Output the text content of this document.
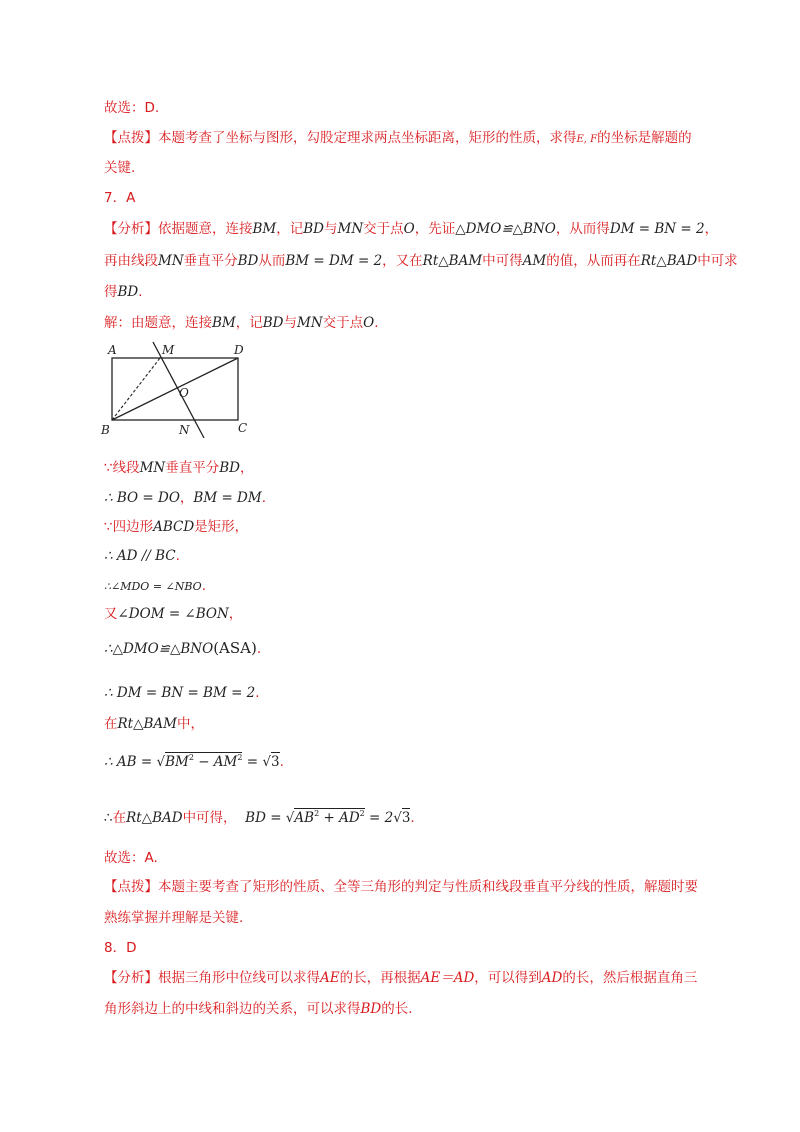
故选：D.
【点拨】本题考查了坐标与图形，勾股定理求两点坐标距离，矩形的性质，求得E, F的坐标是解题的
关键.
7．A
【分析】依据题意，连接BM，记BD与MN交于点O，先证△DMO≌△BNO，从而得DM = BN = 2，
再由线段MN垂直平分BD从而BM = DM = 2，又在Rt△BAM中可得AM的值，从而再在Rt△BAD中可求
得BD.
解：由题意，连接BM，记BD与MN交于点O.
A	M	D
O
B	N	C
∵线段MN垂直平分BD，
∴ BO = DO，BM = DM.
∵四边形ABCD是矩形，
∴ AD // BC.
∴∠MDO = ∠NBO.
又∠DOM = ∠BON，
∴△DMO≌△BNO(ASA).
∴ DM = BN = BM = 2.
在Rt△BAM中，
∴ AB = $√BM^2 - AM^2 = √3$.
∴在Rt△BAD中可得， BD = $√AB^2 + AD^2 = 2√3$.
故选：A.
【点拨】本题主要考查了矩形的性质、全等三角形的判定与性质和线段垂直平分线的性质，解题时要
熟练掌握并理解是关键.
8．D
【分析】根据三角形中位线可以求得AE的长，再根据AE＝AD，可以得到AD的长，然后根据直角三
角形斜边上的中线和斜边的关系，可以求得BD的长.
